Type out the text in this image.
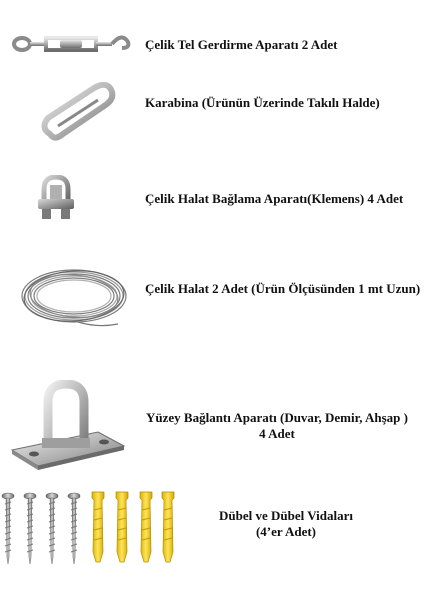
Çelik Tel Gerdirme Aparatı 2 Adet
Karabina (Ürünün Üzerinde Takılı Halde)
Çelik Halat Bağlama Aparatı(Klemens) 4 Adet
Çelik Halat 2 Adet (Ürün Ölçüsünden 1 mt Uzun)
Yüzey Bağlantı Aparatı (Duvar, Demir, Ahşap )
4 Adet
Dübel ve Dübel Vidaları
(4’er Adet)
